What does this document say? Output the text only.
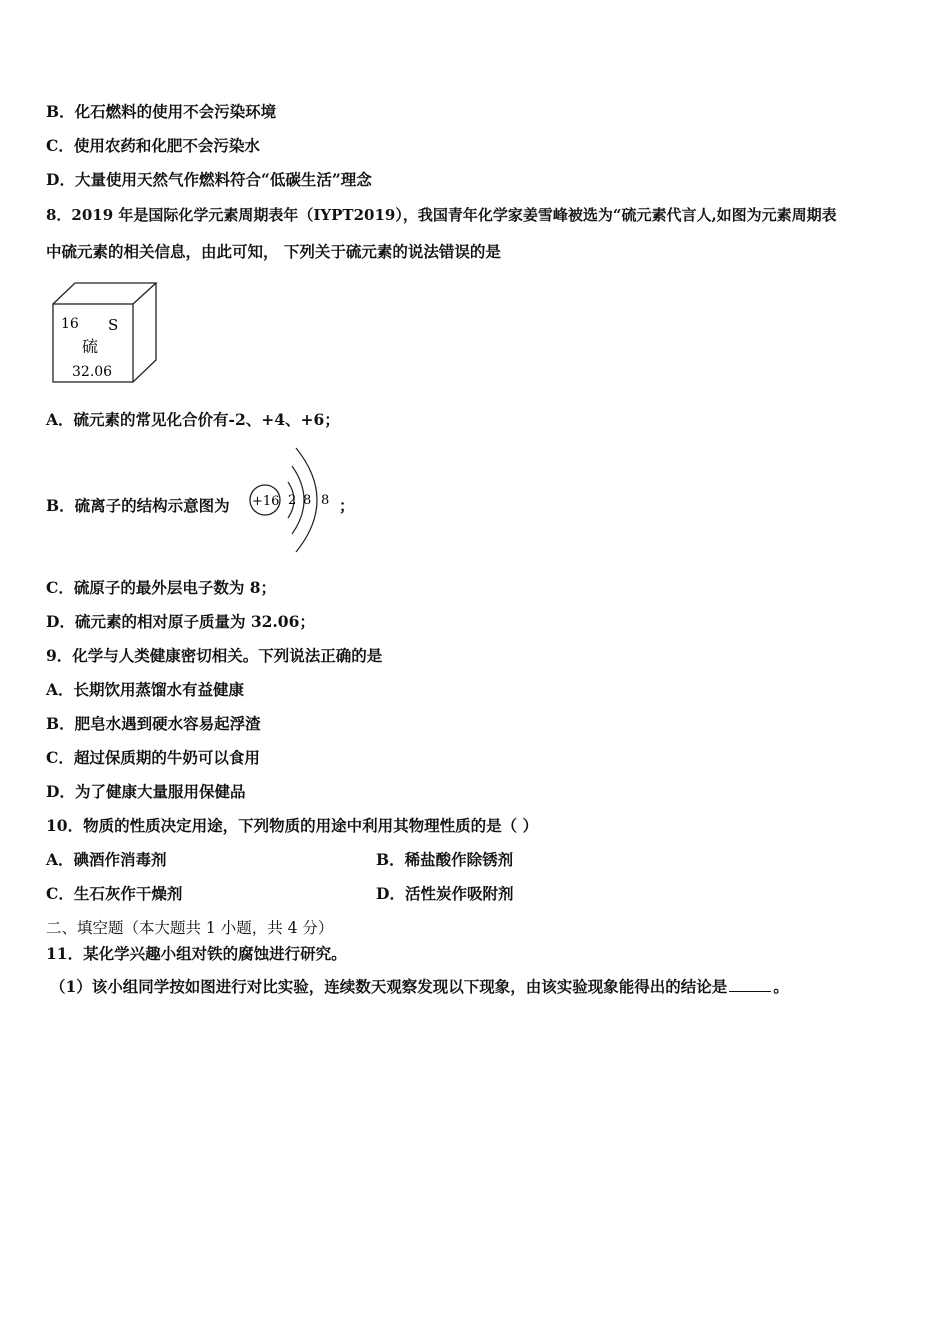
B．化石燃料的使用不会污染环境
C．使用农药和化肥不会污染水
D．大量使用天然气作燃料符合“低碳生活”理念
8．2019 年是国际化学元素周期表年（IYPT2019），我国青年化学家姜雪峰被选为“硫元素代言人,如图为元素周期表
中硫元素的相关信息，由此可知， 下列关于硫元素的说法错误的是
16 S
硫
32.06
A．硫元素的常见化合价有-2、+4、+6；
B．硫离子的结构示意图为 +16 2 8 8 ；
C．硫原子的最外层电子数为 8；
D．硫元素的相对原子质量为 32.06；
9．化学与人类健康密切相关。下列说法正确的是
A．长期饮用蒸馏水有益健康
B．肥皂水遇到硬水容易起浮渣
C．超过保质期的牛奶可以食用
D．为了健康大量服用保健品
10．物质的性质决定用途，下列物质的用途中利用其物理性质的是（ ）
A．碘酒作消毒剂	B．稀盐酸作除锈剂
C．生石灰作干燥剂	D．活性炭作吸附剂
二、填空题（本大题共 1 小题，共 4 分）
11．某化学兴趣小组对铁的腐蚀进行研究。
（1）该小组同学按如图进行对比实验，连续数天观察发现以下现象，由该实验现象能得出的结论是	。
